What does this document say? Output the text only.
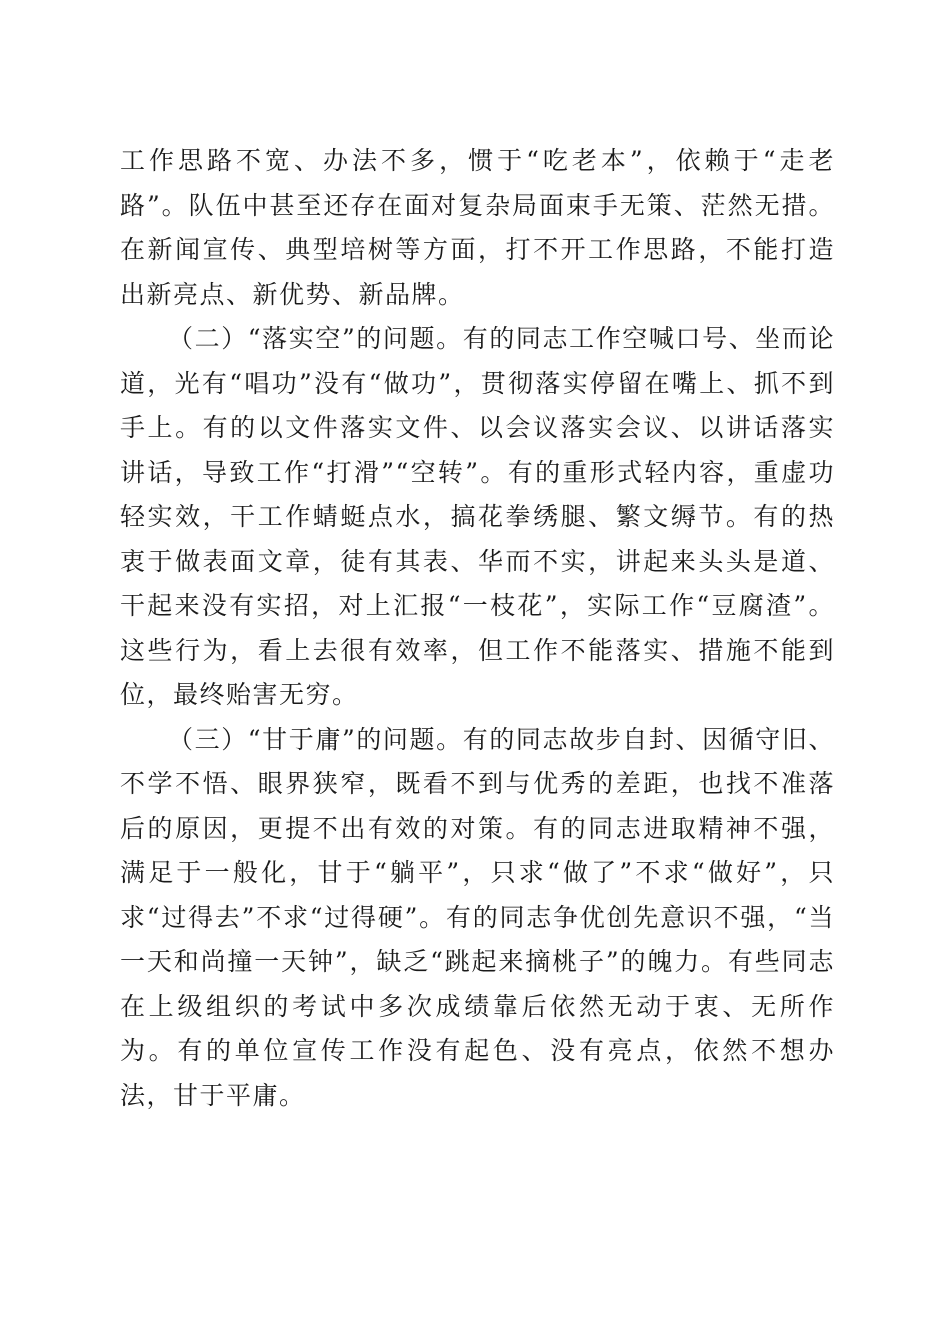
工作思路不宽、办法不多，惯于“吃老本”，依赖于“走老路”。队伍中甚至还存在面对复杂局面束手无策、茫然无措。在新闻宣传、典型培树等方面，打不开工作思路，不能打造出新亮点、新优势、新品牌。

（二）“落实空”的问题。有的同志工作空喊口号、坐而论道，光有“唱功”没有“做功”，贯彻落实停留在嘴上、抓不到手上。有的以文件落实文件、以会议落实会议、以讲话落实讲话，导致工作“打滑”“空转”。有的重形式轻内容，重虚功轻实效，干工作蜻蜓点水，搞花拳绣腿、繁文缛节。有的热衷于做表面文章，徒有其表、华而不实，讲起来头头是道、干起来没有实招，对上汇报“一枝花”，实际工作“豆腐渣”。这些行为，看上去很有效率，但工作不能落实、措施不能到位，最终贻害无穷。

（三）“甘于庸”的问题。有的同志故步自封、因循守旧、不学不悟、眼界狭窄，既看不到与优秀的差距，也找不准落后的原因，更提不出有效的对策。有的同志进取精神不强，满足于一般化，甘于“躺平”，只求“做了”不求“做好”，只求“过得去”不求“过得硬”。有的同志争优创先意识不强，“当一天和尚撞一天钟”，缺乏“跳起来摘桃子”的魄力。有些同志在上级组织的考试中多次成绩靠后依然无动于衷、无所作为。有的单位宣传工作没有起色、没有亮点，依然不想办法，甘于平庸。
